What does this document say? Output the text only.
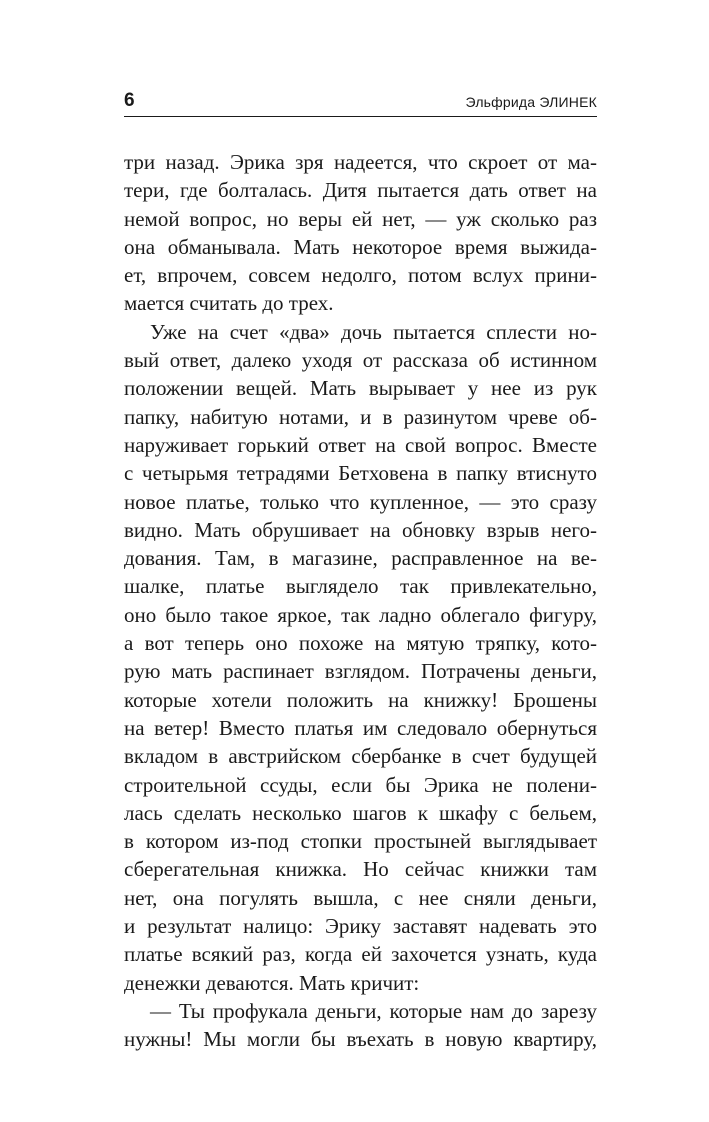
6	Эльфрида ЭЛИНЕК
три назад. Эрика зря надеется, что скроет от ма-
тери, где болталась. Дитя пытается дать ответ на
немой вопрос, но веры ей нет, — уж сколько раз
она обманывала. Мать некоторое время выжида-
ет, впрочем, совсем недолго, потом вслух прини-
мается считать до трех.
Уже на счет «два» дочь пытается сплести но-
вый ответ, далеко уходя от рассказа об истинном
положении вещей. Мать вырывает у нее из рук
папку, набитую нотами, и в разинутом чреве об-
наруживает горький ответ на свой вопрос. Вместе
с четырьмя тетрадями Бетховена в папку втиснуто
новое платье, только что купленное, — это сразу
видно. Мать обрушивает на обновку взрыв него-
дования. Там, в магазине, расправленное на ве-
шалке, платье выглядело так привлекательно,
оно было такое яркое, так ладно облегало фигуру,
а вот теперь оно похоже на мятую тряпку, кото-
рую мать распинает взглядом. Потрачены деньги,
которые хотели положить на книжку! Брошены
на ветер! Вместо платья им следовало обернуться
вкладом в австрийском сбербанке в счет будущей
строительной ссуды, если бы Эрика не полени-
лась сделать несколько шагов к шкафу с бельем,
в котором из-под стопки простыней выглядывает
сберегательная книжка. Но сейчас книжки там
нет, она погулять вышла, с нее сняли деньги,
и результат налицо: Эрику заставят надевать это
платье всякий раз, когда ей захочется узнать, куда
денежки деваются. Мать кричит:
— Ты профукала деньги, которые нам до зарезу
нужны! Мы могли бы въехать в новую квартиру,
